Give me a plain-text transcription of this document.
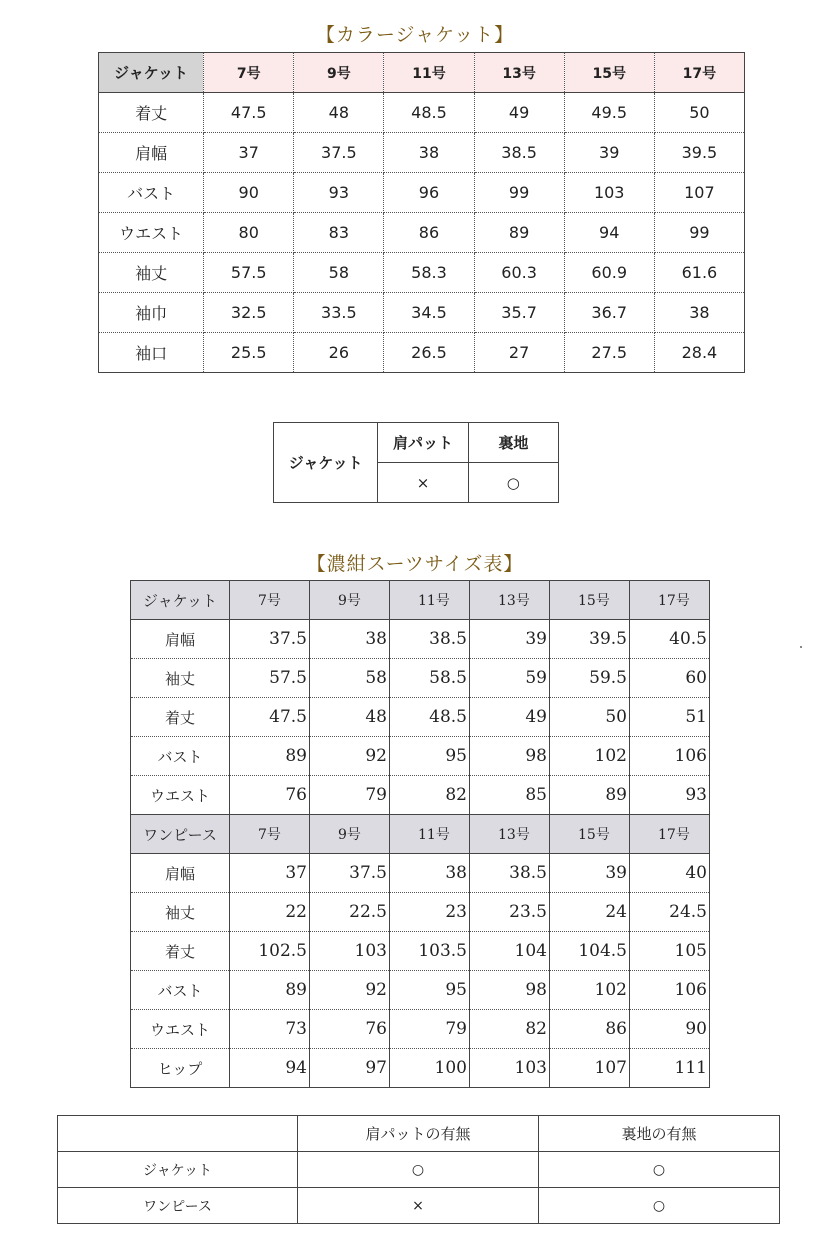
【カラージャケット】
ジャケット	7号	9号	11号	13号	15号	17号
着丈	47.5	48	48.5	49	49.5	50
肩幅	37	37.5	38	38.5	39	39.5
バスト	90	93	96	99	103	107
ウエスト	80	83	86	89	94	99
袖丈	57.5	58	58.3	60.3	60.9	61.6
袖巾	32.5	33.5	34.5	35.7	36.7	38
袖口	25.5	26	26.5	27	27.5	28.4
ジャケット	肩パット	裏地
	×	○
【濃紺スーツサイズ表】
ジャケット	7号	9号	11号	13号	15号	17号
肩幅	37.5	38	38.5	39	39.5	40.5
袖丈	57.5	58	58.5	59	59.5	60
着丈	47.5	48	48.5	49	50	51
バスト	89	92	95	98	102	106
ウエスト	76	79	82	85	89	93
ワンピース	7号	9号	11号	13号	15号	17号
肩幅	37	37.5	38	38.5	39	40
袖丈	22	22.5	23	23.5	24	24.5
着丈	102.5	103	103.5	104	104.5	105
バスト	89	92	95	98	102	106
ウエスト	73	76	79	82	86	90
ヒップ	94	97	100	103	107	111
	肩パットの有無	裏地の有無
ジャケット	○	○
ワンピース	×	○
